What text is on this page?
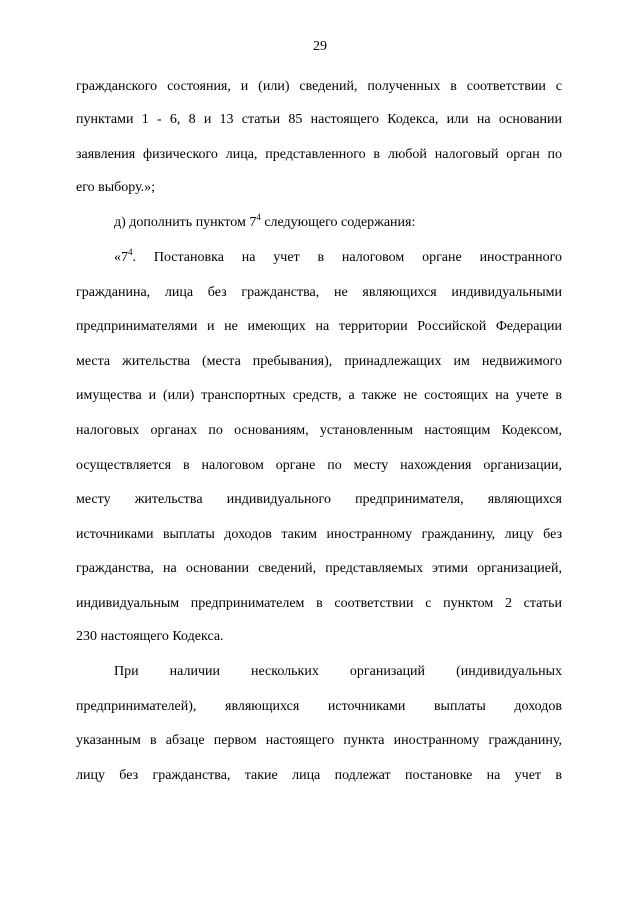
29
гражданского состояния, и (или) сведений, полученных в соответствии с
пунктами 1 - 6, 8 и 13 статьи 85 настоящего Кодекса, или на основании
заявления физического лица, представленного в любой налоговый орган по
его выбору.»;
д) дополнить пунктом $7^4$ следующего содержания:
«$7^4$. Постановка на учет в налоговом органе иностранного
гражданина, лица без гражданства, не являющихся индивидуальными
предпринимателями и не имеющих на территории Российской Федерации
места жительства (места пребывания), принадлежащих им недвижимого
имущества и (или) транспортных средств, а также не состоящих на учете в
налоговых органах по основаниям, установленным настоящим Кодексом,
осуществляется в налоговом органе по месту нахождения организации,
месту жительства индивидуального предпринимателя, являющихся
источниками выплаты доходов таким иностранному гражданину, лицу без
гражданства, на основании сведений, представляемых этими организацией,
индивидуальным предпринимателем в соответствии с пунктом 2 статьи
230 настоящего Кодекса.
При наличии нескольких организаций (индивидуальных
предпринимателей), являющихся источниками выплаты доходов
указанным в абзаце первом настоящего пункта иностранному гражданину,
лицу без гражданства, такие лица подлежат постановке на учет в
